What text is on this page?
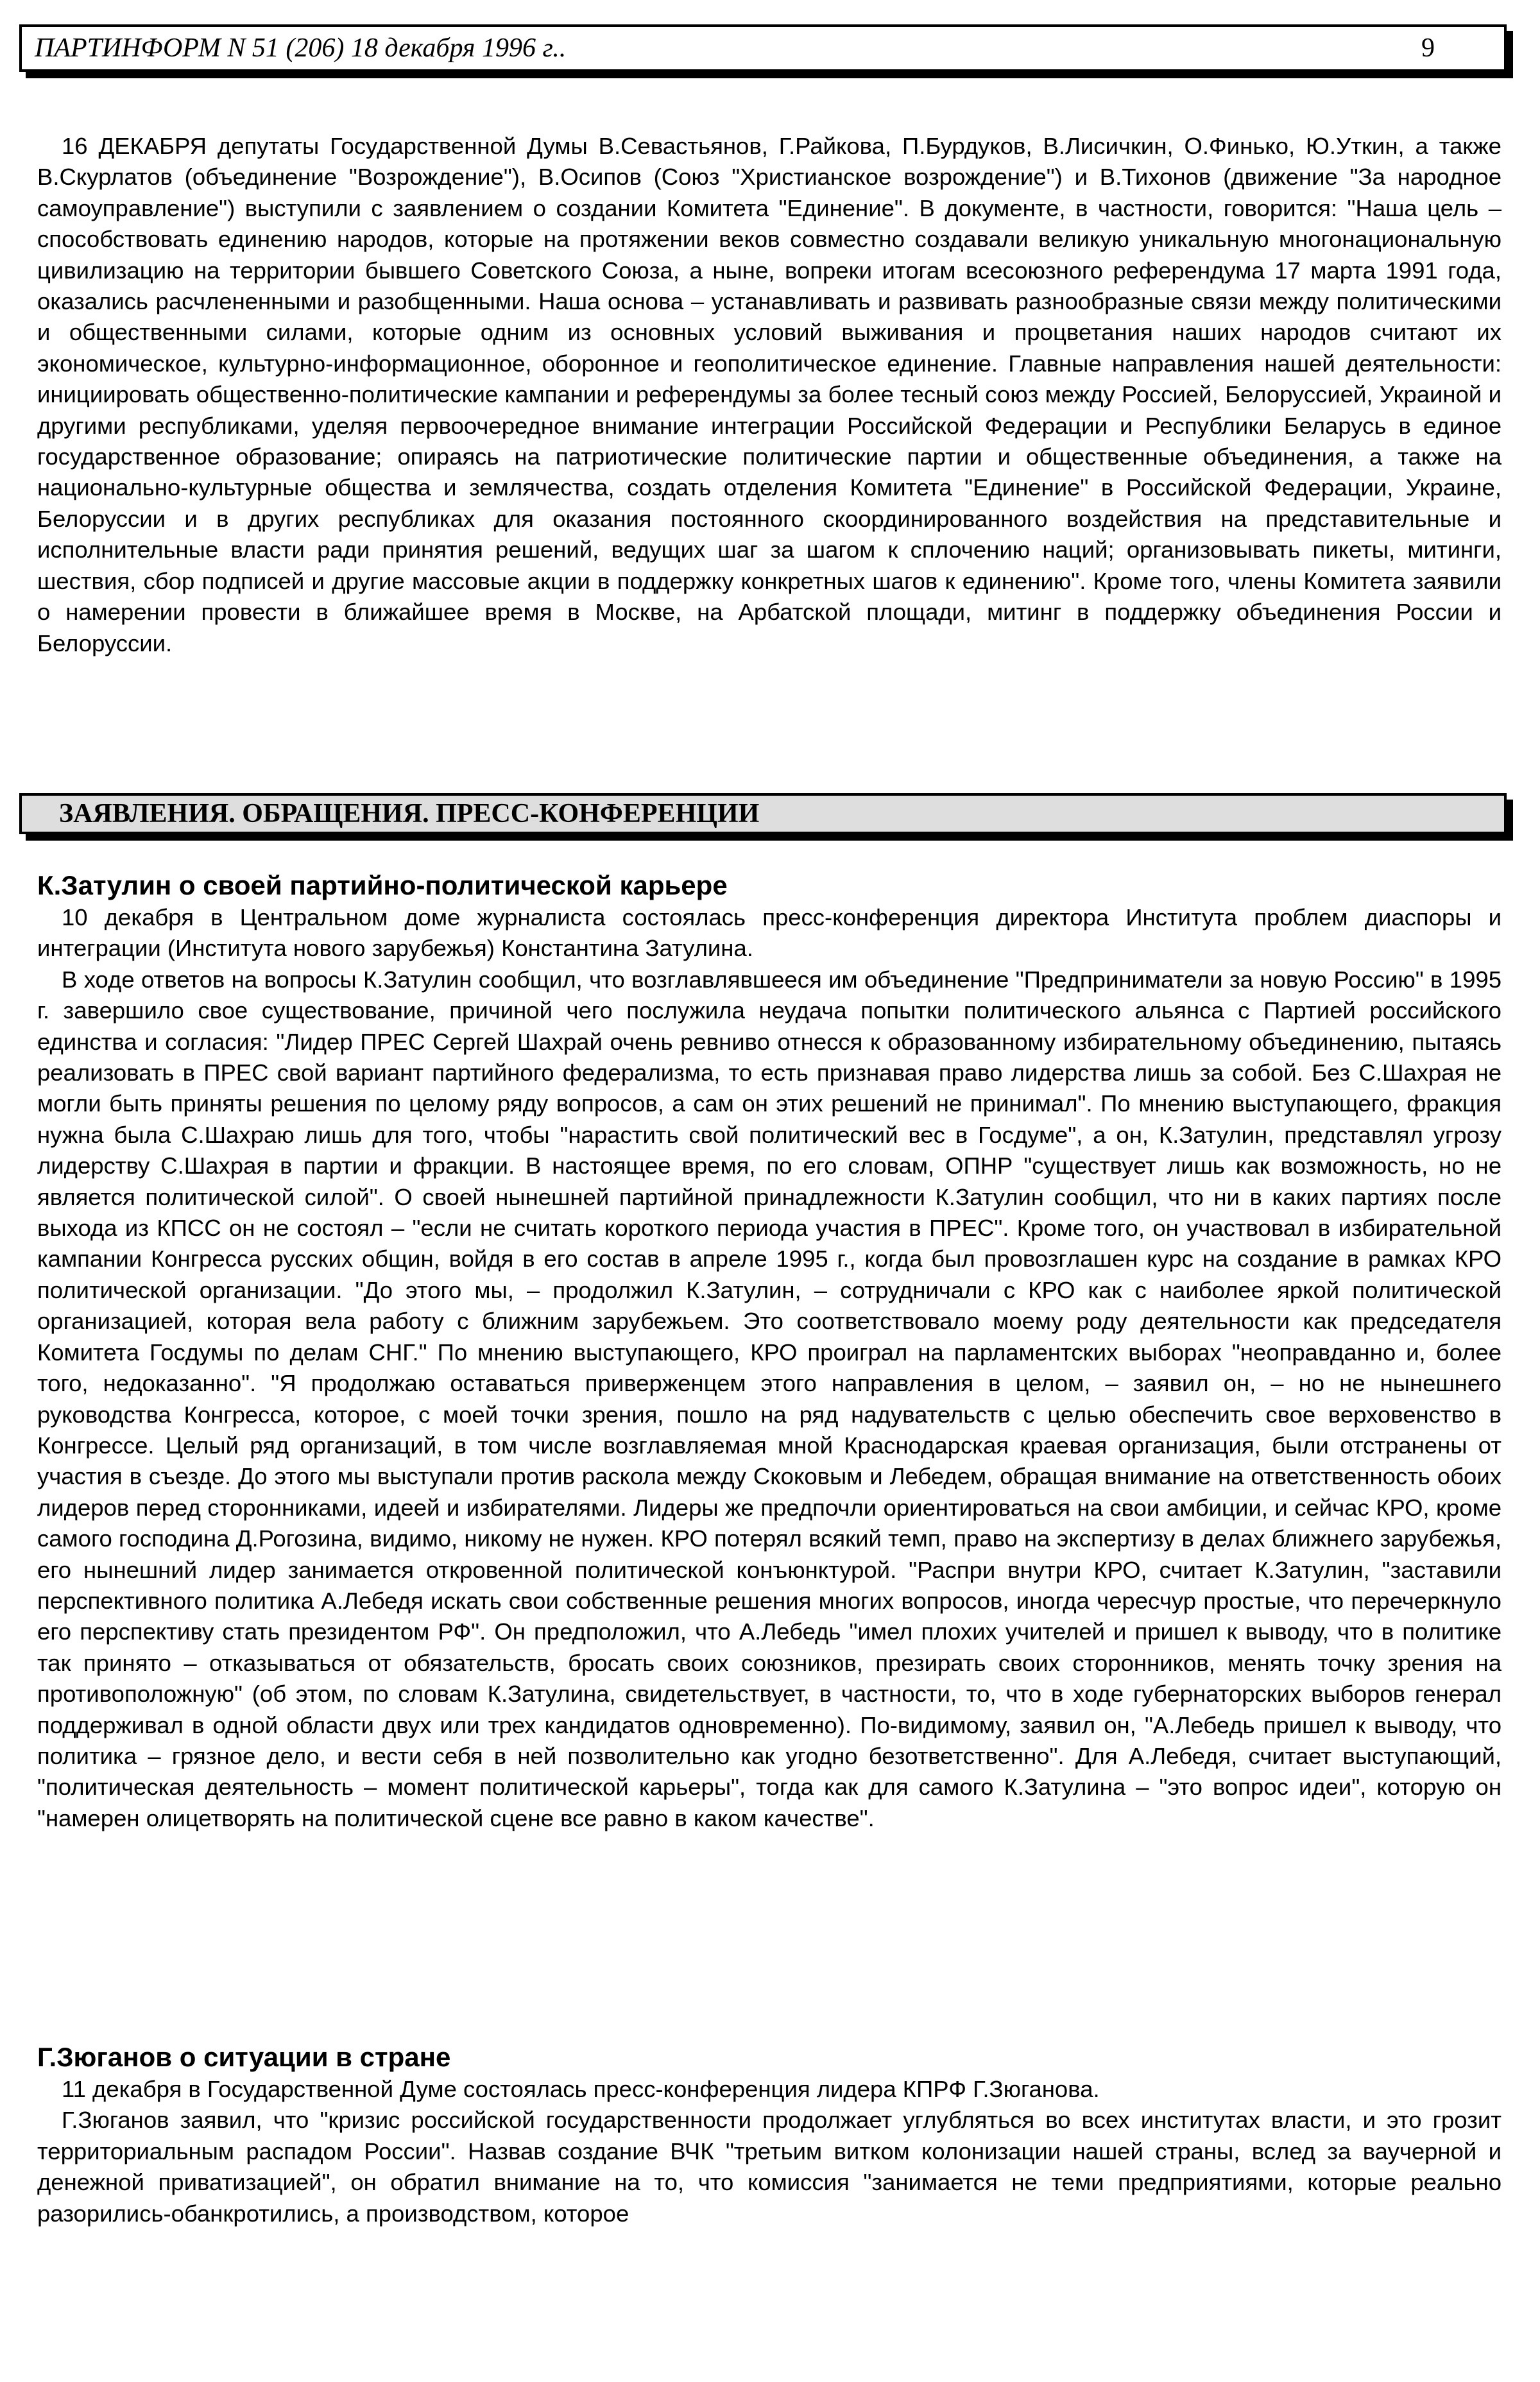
ПАРТИНФОРМ N 51 (206) 18 декабря 1996 г..	9

16 ДЕКАБРЯ депутаты Государственной Думы В.Севастьянов, Г.Райкова, П.Бурдуков, В.Лисичкин, О.Финько, Ю.Уткин, а также В.Скурлатов (объединение "Возрождение"), В.Осипов (Союз "Христианское возрождение") и В.Тихонов (движение "За народное самоуправление") выступили с заявлением о создании Комитета "Единение". В документе, в частности, говорится: "Наша цель – способствовать единению народов, которые на протяжении веков совместно создавали великую уникальную многонациональную цивилизацию на территории бывшего Советского Союза, а ныне, вопреки итогам всесоюзного референдума 17 марта 1991 года, оказались расчлененными и разобщенными. Наша основа – устанавливать и развивать разнообразные связи между политическими и общественными силами, которые одним из основных условий выживания и процветания наших народов считают их экономическое, культурно-информационное, оборонное и геополитическое единение. Главные направления нашей деятельности: инициировать общественно-политические кампании и референдумы за более тесный союз между Россией, Белоруссией, Украиной и другими республиками, уделяя первоочередное внимание интеграции Российской Федерации и Республики Беларусь в единое государственное образование; опираясь на патриотические политические партии и общественные объединения, а также на национально-культурные общества и землячества, создать отделения Комитета "Единение" в Российской Федерации, Украине, Белоруссии и в других республиках для оказания постоянного скоординированного воздействия на представительные и исполнительные власти ради принятия решений, ведущих шаг за шагом к сплочению наций; организовывать пикеты, митинги, шествия, сбор подписей и другие массовые акции в поддержку конкретных шагов к единению". Кроме того, члены Комитета заявили о намерении провести в ближайшее время в Москве, на Арбатской площади, митинг в поддержку объединения России и Белоруссии.

ЗАЯВЛЕНИЯ. ОБРАЩЕНИЯ. ПРЕСС-КОНФЕРЕНЦИИ
К.Затулин о своей партийно-политической карьере

10 декабря в Центральном доме журналиста состоялась пресс-конференция директора Института проблем диаспоры и интеграции (Института нового зарубежья) Константина Затулина.

В ходе ответов на вопросы К.Затулин сообщил, что возглавлявшееся им объединение "Предприниматели за новую Россию" в 1995 г. завершило свое существование, причиной чего послужила неудача попытки политического альянса с Партией российского единства и согласия: "Лидер ПРЕС Сергей Шахрай очень ревниво отнесся к образованному избирательному объединению, пытаясь реализовать в ПРЕС свой вариант партийного федерализма, то есть признавая право лидерства лишь за собой. Без С.Шахрая не могли быть приняты решения по целому ряду вопросов, а сам он этих решений не принимал". По мнению выступающего, фракция нужна была С.Шахраю лишь для того, чтобы "нарастить свой политический вес в Госдуме", а он, К.Затулин, представлял угрозу лидерству С.Шахрая в партии и фракции. В настоящее время, по его словам, ОПНР "существует лишь как возможность, но не является политической силой". О своей нынешней партийной принадлежности К.Затулин сообщил, что ни в каких партиях после выхода из КПСС он не состоял – "если не считать короткого периода участия в ПРЕС". Кроме того, он участвовал в избирательной кампании Конгресса русских общин, войдя в его состав в апреле 1995 г., когда был провозглашен курс на создание в рамках КРО политической организации. "До этого мы, – продолжил К.Затулин, – сотрудничали с КРО как с наиболее яркой политической организацией, которая вела работу с ближним зарубежьем. Это соответствовало моему роду деятельности как председателя Комитета Госдумы по делам СНГ." По мнению выступающего, КРО проиграл на парламентских выборах "неоправданно и, более того, недоказанно". "Я продолжаю оставаться приверженцем этого направления в целом, – заявил он, – но не нынешнего руководства Конгресса, которое, с моей точки зрения, пошло на ряд надувательств с целью обеспечить свое верховенство в Конгрессе. Целый ряд организаций, в том числе возглавляемая мной Краснодарская краевая организация, были отстранены от участия в съезде. До этого мы выступали против раскола между Скоковым и Лебедем, обращая внимание на ответственность обоих лидеров перед сторонниками, идеей и избирателями. Лидеры же предпочли ориентироваться на свои амбиции, и сейчас КРО, кроме самого господина Д.Рогозина, видимо, никому не нужен. КРО потерял всякий темп, право на экспертизу в делах ближнего зарубежья, его нынешний лидер занимается откровенной политической конъюнктурой. "Распри внутри КРО, считает К.Затулин, "заставили перспективного политика А.Лебедя искать свои собственные решения многих вопросов, иногда чересчур простые, что перечеркнуло его перспективу стать президентом РФ". Он предположил, что А.Лебедь "имел плохих учителей и пришел к выводу, что в политике так принято – отказываться от обязательств, бросать своих союзников, презирать своих сторонников, менять точку зрения на противоположную" (об этом, по словам К.Затулина, свидетельствует, в частности, то, что в ходе губернаторских выборов генерал поддерживал в одной области двух или трех кандидатов одновременно). По-видимому, заявил он, "А.Лебедь пришел к выводу, что политика – грязное дело, и вести себя в ней позволительно как угодно безответственно". Для А.Лебедя, считает выступающий, "политическая деятельность – момент политической карьеры", тогда как для самого К.Затулина – "это вопрос идеи", которую он "намерен олицетворять на политической сцене все равно в каком качестве".

Г.Зюганов о ситуации в стране

11 декабря в Государственной Думе состоялась пресс-конференция лидера КПРФ Г.Зюганова.

Г.Зюганов заявил, что "кризис российской государственности продолжает углубляться во всех институтах власти, и это грозит территориальным распадом России". Назвав создание ВЧК "третьим витком колонизации нашей страны, вслед за ваучерной и денежной приватизацией", он обратил внимание на то, что комиссия "занимается не теми предприятиями, которые реально разорились-обанкротились, а производством, которое
